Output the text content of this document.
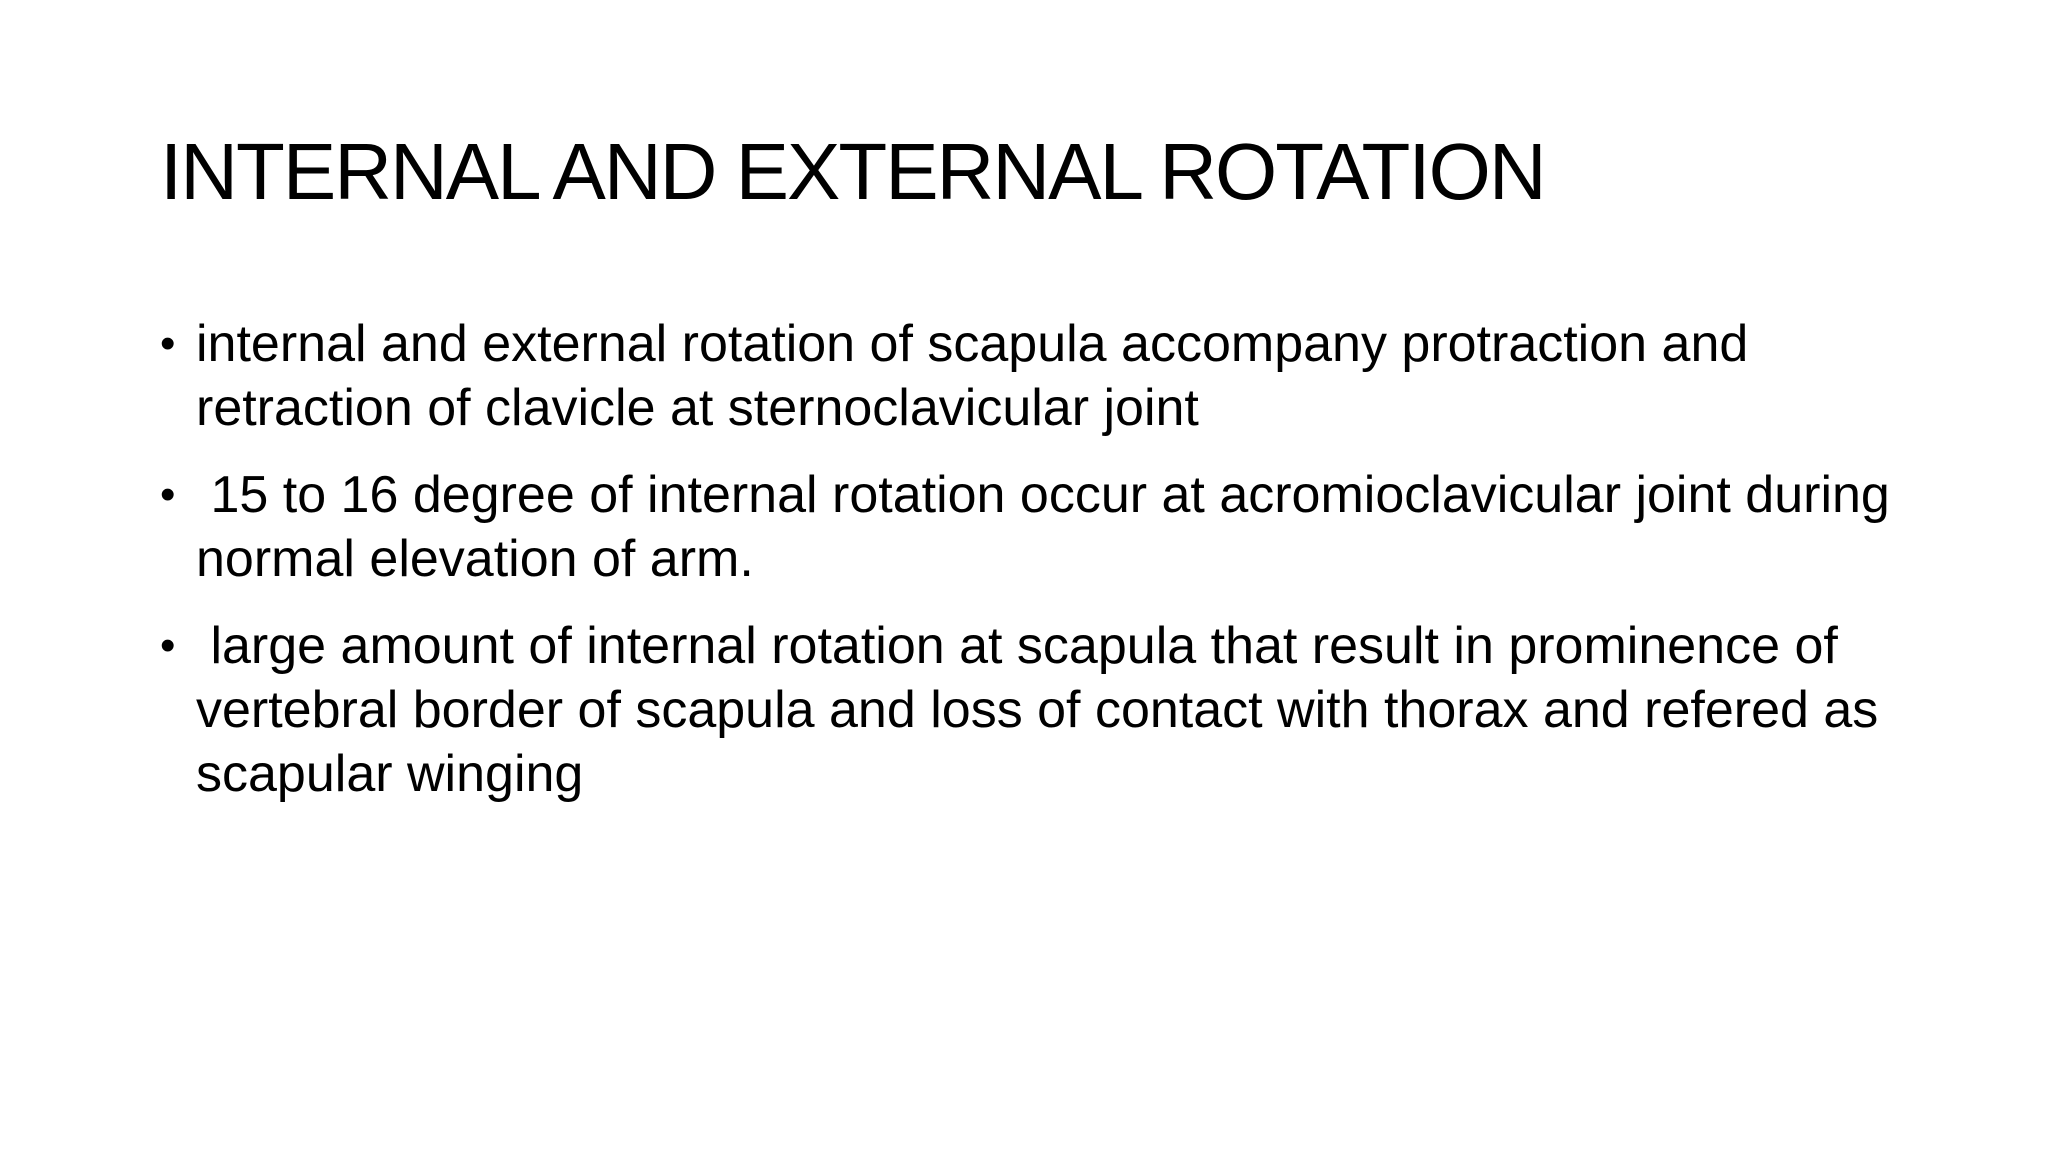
INTERNAL AND EXTERNAL ROTATION
• internal and external rotation of scapula accompany protraction and retraction of clavicle at sternoclavicular joint
• 15 to 16 degree of internal rotation occur at acromioclavicular joint during normal elevation of arm.
• large amount of internal rotation at scapula that result in prominence of vertebral border of scapula and loss of contact with thorax and refered as scapular winging
